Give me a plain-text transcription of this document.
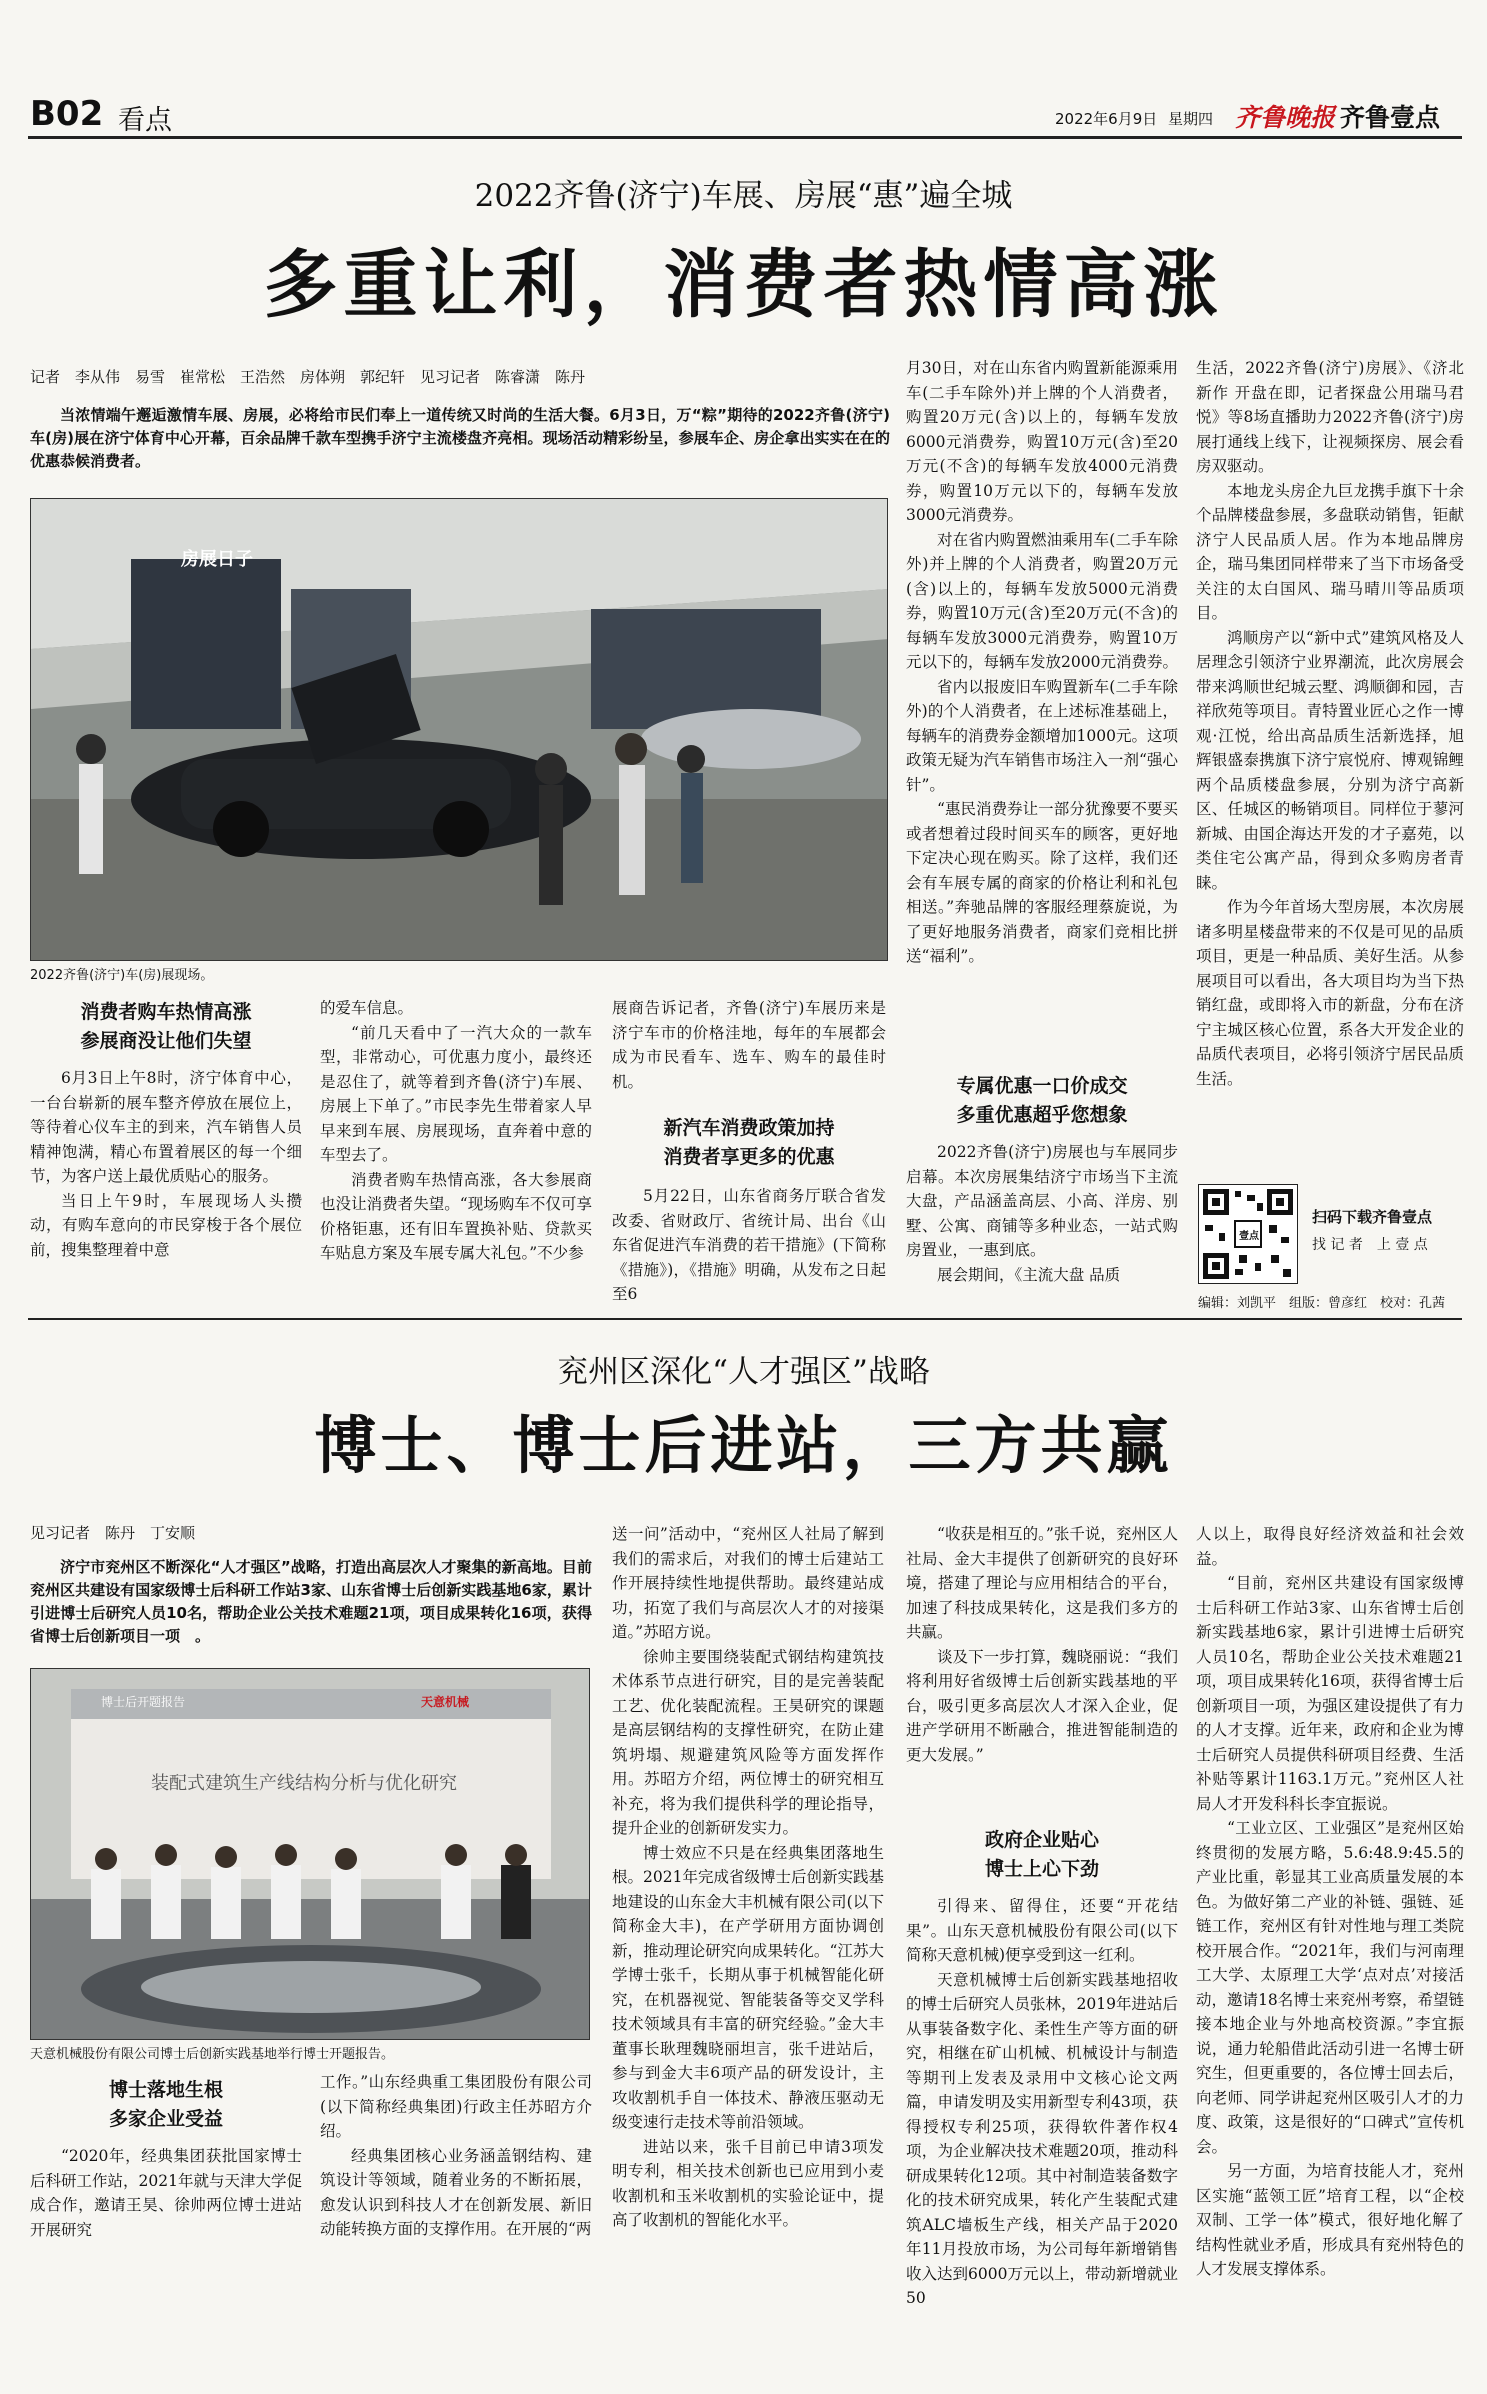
B02 看点	2022年6月9日 星期四 齐鲁晚报 齐鲁壹点
2022齐鲁(济宁)车展、房展“惠”遍全城
多重让利，消费者热情高涨
记者　李从伟　易雪　崔常松　王浩然　房体朔　郭纪轩　见习记者　陈睿潇　陈丹
当浓情端午邂逅激情车展、房展，必将给市民们奉上一道传统又时尚的生活大餐。6月3日，万“粽”期待的2022齐鲁(济宁)车(房)展在济宁体育中心开幕，百余品牌千款车型携手济宁主流楼盘齐亮相。现场活动精彩纷呈，参展车企、房企拿出实实在在的优惠恭候消费者。
房展日子
2022齐鲁(济宁)车(房)展现场。
消费者购车热情高涨
参展商没让他们失望

6月3日上午8时，济宁体育中心，一台台崭新的展车整齐停放在展位上，等待着心仪车主的到来，汽车销售人员精神饱满，精心布置着展区的每一个细节，为客户送上最优质贴心的服务。

当日上午9时，车展现场人头攒动，有购车意向的市民穿梭于各个展位前，搜集整理着中意

的爱车信息。

“前几天看中了一汽大众的一款车型，非常动心，可优惠力度小，最终还是忍住了，就等着到齐鲁(济宁)车展、房展上下单了。”市民李先生带着家人早早来到车展、房展现场，直奔着中意的车型去了。

消费者购车热情高涨，各大参展商也没让消费者失望。“现场购车不仅可享价格钜惠，还有旧车置换补贴、贷款买车贴息方案及车展专属大礼包。”不少参

展商告诉记者，齐鲁(济宁)车展历来是济宁车市的价格洼地，每年的车展都会成为市民看车、选车、购车的最佳时机。

新汽车消费政策加持
消费者享更多的优惠

5月22日，山东省商务厅联合省发改委、省财政厅、省统计局、出台《山东省促进汽车消费的若干措施》(下简称《措施》)，《措施》明确，从发布之日起至6

月30日，对在山东省内购置新能源乘用车(二手车除外)并上牌的个人消费者，购置20万元(含)以上的，每辆车发放6000元消费券，购置10万元(含)至20万元(不含)的每辆车发放4000元消费券，购置10万元以下的，每辆车发放3000元消费券。

对在省内购置燃油乘用车(二手车除外)并上牌的个人消费者，购置20万元(含)以上的，每辆车发放5000元消费券，购置10万元(含)至20万元(不含)的每辆车发放3000元消费券，购置10万元以下的，每辆车发放2000元消费券。

省内以报废旧车购置新车(二手车除外)的个人消费者，在上述标准基础上，每辆车的消费券金额增加1000元。这项政策无疑为汽车销售市场注入一剂“强心针”。

“惠民消费券让一部分犹豫要不要买或者想着过段时间买车的顾客，更好地下定决心现在购买。除了这样，我们还会有车展专属的商家的价格让利和礼包相送。”奔驰品牌的客服经理蔡旋说，为了更好地服务消费者，商家们竞相比拼送“福利”。

专属优惠一口价成交
多重优惠超乎您想象

2022齐鲁(济宁)房展也与车展同步启幕。本次房展集结济宁市场当下主流大盘，产品涵盖高层、小高、洋房、别墅、公寓、商铺等多种业态，一站式购房置业，一惠到底。

展会期间，《主流大盘 品质

生活，2022齐鲁(济宁)房展》、《济北新作 开盘在即，记者探盘公用瑞马君悦》等8场直播助力2022齐鲁(济宁)房展打通线上线下，让视频探房、展会看房双驱动。

本地龙头房企九巨龙携手旗下十余个品牌楼盘参展，多盘联动销售，钜献济宁人民品质人居。作为本地品牌房企，瑞马集团同样带来了当下市场备受关注的太白国风、瑞马晴川等品质项目。

鸿顺房产以“新中式”建筑风格及人居理念引领济宁业界潮流，此次房展会带来鸿顺世纪城云墅、鸿顺御和园，吉祥欣苑等项目。青特置业匠心之作一博观·江悦，给出高品质生活新选择，旭辉银盛泰携旗下济宁宸悦府、博观锦鲤两个品质楼盘参展，分别为济宁高新区、任城区的畅销项目。同样位于蓼河新城、由国企海达开发的才子嘉苑，以类住宅公寓产品，得到众多购房者青睐。

作为今年首场大型房展，本次房展诸多明星楼盘带来的不仅是可见的品质项目，更是一种品质、美好生活。从参展项目可以看出，各大项目均为当下热销红盘，或即将入市的新盘，分布在济宁主城区核心位置，系各大开发企业的品质代表项目，必将引领济宁居民品质生活。

壹点
扫码下载齐鲁壹点
找 记 者　上 壹 点
编辑：刘凯平　组版：曾彦红　校对：孔茜
兖州区深化“人才强区”战略
博士、博士后进站，三方共赢
见习记者　陈丹　丁安顺
济宁市兖州区不断深化“人才强区”战略，打造出高层次人才聚集的新高地。目前兖州区共建设有国家级博士后科研工作站3家、山东省博士后创新实践基地6家，累计引进博士后研究人员10名，帮助企业公关技术难题21项，项目成果转化16项，获得省博士后创新项目一项　。
博士后开题报告	天意机械
装配式建筑生产线结构分析与优化研究
天意机械股份有限公司博士后创新实践基地举行博士开题报告。
博士落地生根
多家企业受益

“2020年，经典集团获批国家博士后科研工作站，2021年就与天津大学促成合作，邀请王昊、徐帅两位博士进站开展研究

工作。”山东经典重工集团股份有限公司(以下简称经典集团)行政主任苏昭方介绍。

经典集团核心业务涵盖钢结构、建筑设计等领域，随着业务的不断拓展，愈发认识到科技人才在创新发展、新旧动能转换方面的支撑作用。在开展的“两

送一问”活动中，“兖州区人社局了解到我们的需求后，对我们的博士后建站工作开展持续性地提供帮助。最终建站成功，拓宽了我们与高层次人才的对接渠道。”苏昭方说。

徐帅主要围绕装配式钢结构建筑技术体系节点进行研究，目的是完善装配工艺、优化装配流程。王昊研究的课题是高层钢结构的支撑性研究，在防止建筑坍塌、规避建筑风险等方面发挥作用。苏昭方介绍，两位博士的研究相互补充，将为我们提供科学的理论指导，提升企业的创新研发实力。

博士效应不只是在经典集团落地生根。2021年完成省级博士后创新实践基地建设的山东金大丰机械有限公司(以下简称金大丰)，在产学研用方面协调创新，推动理论研究向成果转化。“江苏大学博士张千，长期从事于机械智能化研究，在机器视觉、智能装备等交叉学科技术领域具有丰富的研究经验。”金大丰董事长耿理魏晓丽坦言，张千进站后，参与到金大丰6项产品的研发设计，主攻收割机手自一体技术、静液压驱动无级变速行走技术等前沿领域。

进站以来，张千目前已申请3项发明专利，相关技术创新也已应用到小麦收割机和玉米收割机的实验论证中，提高了收割机的智能化水平。

“收获是相互的。”张千说，兖州区人社局、金大丰提供了创新研究的良好环境，搭建了理论与应用相结合的平台，加速了科技成果转化，这是我们多方的共赢。

谈及下一步打算，魏晓丽说：“我们将利用好省级博士后创新实践基地的平台，吸引更多高层次人才深入企业，促进产学研用不断融合，推进智能制造的更大发展。”

政府企业贴心
博士上心下劲

引得来、留得住，还要“开花结果”。山东天意机械股份有限公司(以下简称天意机械)便享受到这一红利。

天意机械博士后创新实践基地招收的博士后研究人员张林，2019年进站后从事装备数字化、柔性生产等方面的研究，相继在矿山机械、机械设计与制造等期刊上发表及录用中文核心论文两篇，申请发明及实用新型专利43项，获得授权专利25项，获得软件著作权4项，为企业解决技术难题20项，推动科研成果转化12项。其中衬制造装备数字化的技术研究成果，转化产生装配式建筑ALC墙板生产线，相关产品于2020年11月投放市场，为公司每年新增销售收入达到6000万元以上，带动新增就业50

人以上，取得良好经济效益和社会效益。

“目前，兖州区共建设有国家级博士后科研工作站3家、山东省博士后创新实践基地6家，累计引进博士后研究人员10名，帮助企业公关技术难题21项，项目成果转化16项，获得省博士后创新项目一项，为强区建设提供了有力的人才支撑。近年来，政府和企业为博士后研究人员提供科研项目经费、生活补贴等累计1163.1万元。”兖州区人社局人才开发科科长李宜振说。

“工业立区、工业强区”是兖州区始终贯彻的发展方略，5.6:48.9:45.5的产业比重，彰显其工业高质量发展的本色。为做好第二产业的补链、强链、延链工作，兖州区有针对性地与理工类院校开展合作。“2021年，我们与河南理工大学、太原理工大学‘点对点’对接活动，邀请18名博士来兖州考察，希望链接本地企业与外地高校资源。”李宜振说，通力轮船借此活动引进一名博士研究生，但更重要的，各位博士回去后，向老师、同学讲起兖州区吸引人才的力度、政策，这是很好的“口碑式”宣传机会。

另一方面，为培育技能人才，兖州区实施“蓝领工匠”培育工程，以“企校双制、工学一体”模式，很好地化解了结构性就业矛盾，形成具有兖州特色的人才发展支撑体系。
